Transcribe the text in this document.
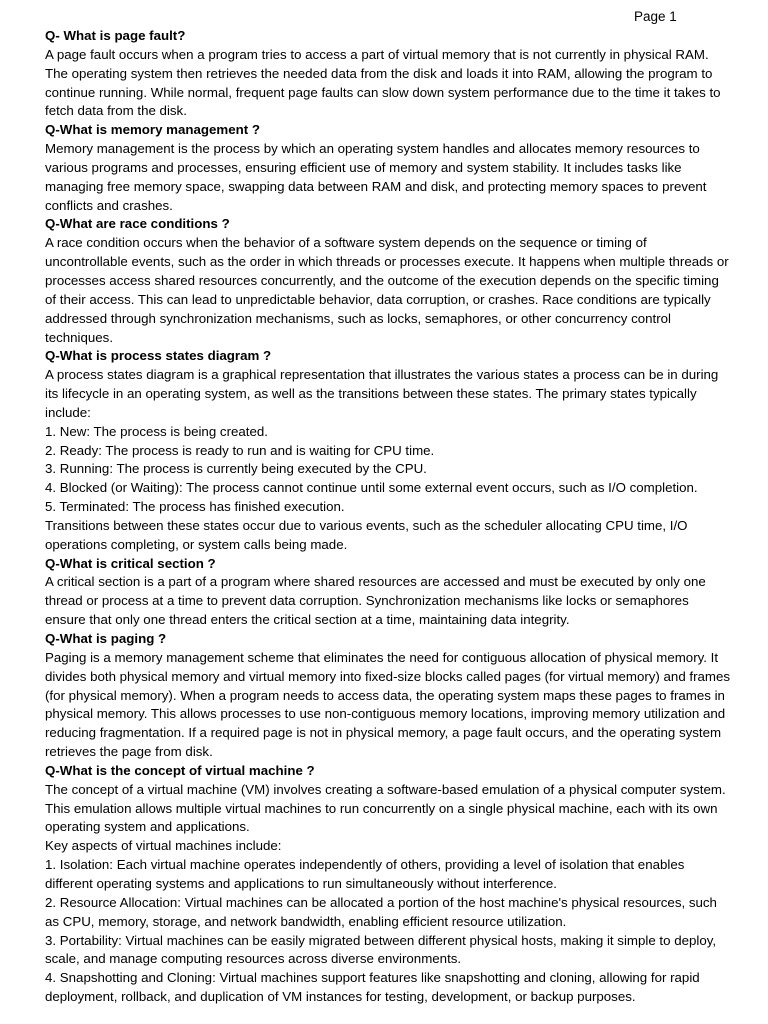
Page 1
Q- What is page fault?
A page fault occurs when a program tries to access a part of virtual memory that is not currently in physical RAM. The operating system then retrieves the needed data from the disk and loads it into RAM, allowing the program to continue running. While normal, frequent page faults can slow down system performance due to the time it takes to fetch data from the disk.
Q-What is memory management ?
Memory management is the process by which an operating system handles and allocates memory resources to various programs and processes, ensuring efficient use of memory and system stability. It includes tasks like managing free memory space, swapping data between RAM and disk, and protecting memory spaces to prevent conflicts and crashes.
Q-What are race conditions ?
A race condition occurs when the behavior of a software system depends on the sequence or timing of uncontrollable events, such as the order in which threads or processes execute. It happens when multiple threads or processes access shared resources concurrently, and the outcome of the execution depends on the specific timing of their access. This can lead to unpredictable behavior, data corruption, or crashes. Race conditions are typically addressed through synchronization mechanisms, such as locks, semaphores, or other concurrency control techniques.
Q-What is process states diagram ?
A process states diagram is a graphical representation that illustrates the various states a process can be in during its lifecycle in an operating system, as well as the transitions between these states. The primary states typically include:
1. New: The process is being created.
2. Ready: The process is ready to run and is waiting for CPU time.
3. Running: The process is currently being executed by the CPU.
4. Blocked (or Waiting): The process cannot continue until some external event occurs, such as I/O completion.
5. Terminated: The process has finished execution.
Transitions between these states occur due to various events, such as the scheduler allocating CPU time, I/O operations completing, or system calls being made.
Q-What is critical section ?
A critical section is a part of a program where shared resources are accessed and must be executed by only one thread or process at a time to prevent data corruption. Synchronization mechanisms like locks or semaphores ensure that only one thread enters the critical section at a time, maintaining data integrity.
Q-What is paging ?
Paging is a memory management scheme that eliminates the need for contiguous allocation of physical memory. It divides both physical memory and virtual memory into fixed-size blocks called pages (for virtual memory) and frames (for physical memory). When a program needs to access data, the operating system maps these pages to frames in physical memory. This allows processes to use non-contiguous memory locations, improving memory utilization and reducing fragmentation. If a required page is not in physical memory, a page fault occurs, and the operating system retrieves the page from disk.
Q-What is the concept of virtual machine ?
The concept of a virtual machine (VM) involves creating a software-based emulation of a physical computer system. This emulation allows multiple virtual machines to run concurrently on a single physical machine, each with its own operating system and applications.
Key aspects of virtual machines include:
1. Isolation: Each virtual machine operates independently of others, providing a level of isolation that enables different operating systems and applications to run simultaneously without interference.
2. Resource Allocation: Virtual machines can be allocated a portion of the host machine's physical resources, such as CPU, memory, storage, and network bandwidth, enabling efficient resource utilization.
3. Portability: Virtual machines can be easily migrated between different physical hosts, making it simple to deploy, scale, and manage computing resources across diverse environments.
4. Snapshotting and Cloning: Virtual machines support features like snapshotting and cloning, allowing for rapid deployment, rollback, and duplication of VM instances for testing, development, or backup purposes.
